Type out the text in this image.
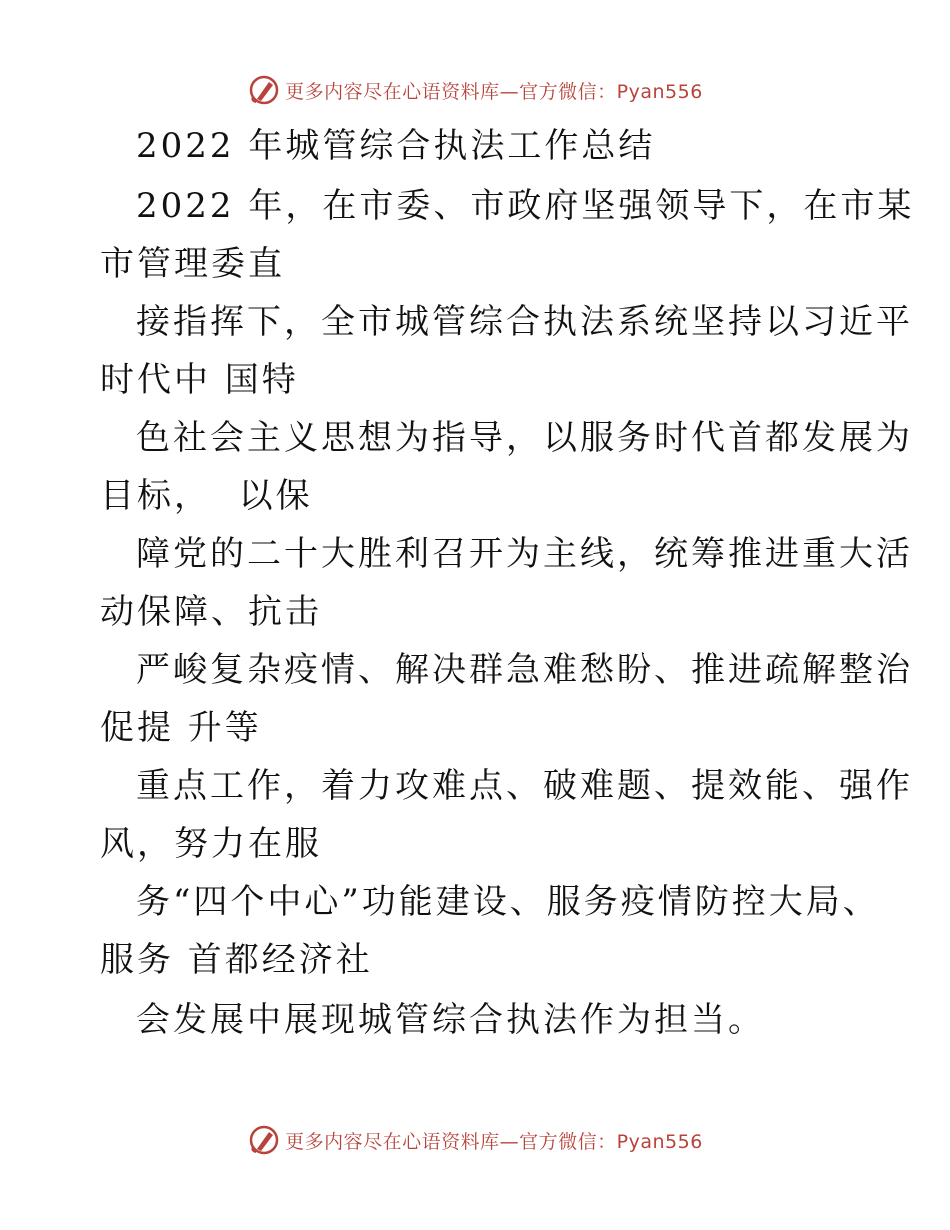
更多内容尽在心语资料库—官方微信：Pyan556
2022 年城管综合执法工作总结
2022 年，在市委、市政府坚强领导下，在市某
市管理委直
接指挥下，全市城管综合执法系统坚持以习近平
时代中 国特
色社会主义思想为指导，以服务时代首都发展为
目标，  以保
障党的二十大胜利召开为主线，统筹推进重大活
动保障、抗击
严峻复杂疫情、解决群急难愁盼、推进疏解整治
促提 升等
重点工作，着力攻难点、破难题、提效能、强作
风，努力在服
务“四个中心”功能建设、服务疫情防控大局、
服务 首都经济社
会发展中展现城管综合执法作为担当。
更多内容尽在心语资料库—官方微信：Pyan556
